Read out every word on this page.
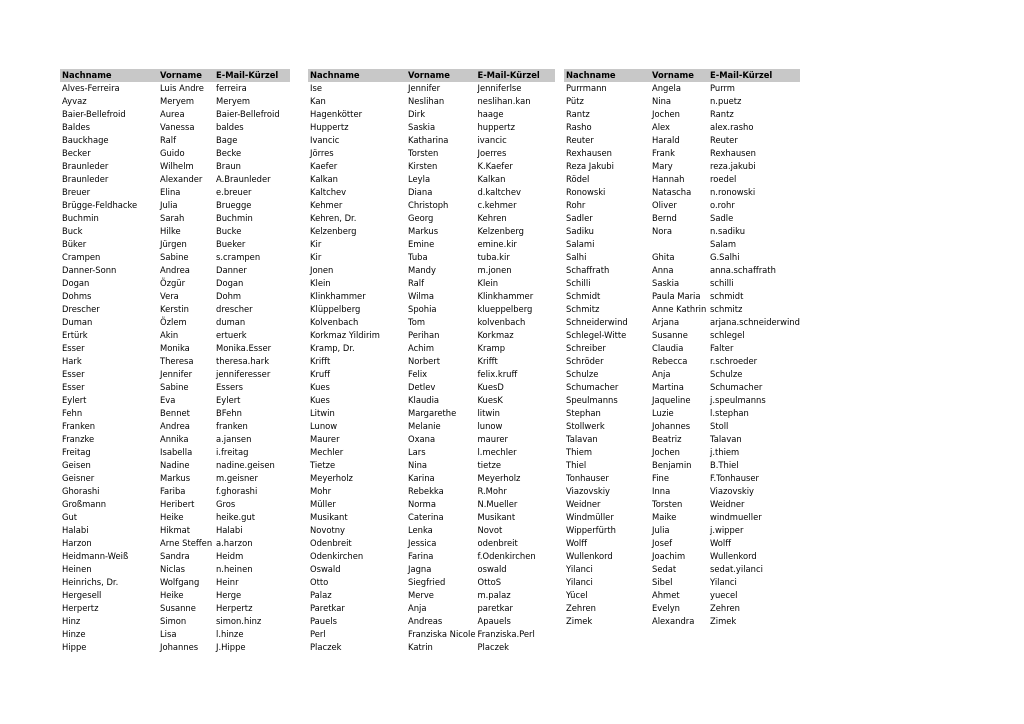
Nachname	Vorname	E-Mail-Kürzel
Alves-Ferreira	Luis Andre	ferreira
Ayvaz	Meryem	Meryem
Baier-Bellefroid	Aurea	Baier-Bellefroid
Baldes	Vanessa	baldes
Bauckhage	Ralf	Bage
Becker	Guido	Becke
Braunleder	Wilhelm	Braun
Braunleder	Alexander	A.Braunleder
Breuer	Elina	e.breuer
Brügge-Feldhacke	Julia	Bruegge
Buchmin	Sarah	Buchmin
Buck	Hilke	Bucke
Büker	Jürgen	Bueker
Crampen	Sabine	s.crampen
Danner-Sonn	Andrea	Danner
Dogan	Özgür	Dogan
Dohms	Vera	Dohm
Drescher	Kerstin	drescher
Duman	Özlem	duman
Ertürk	Akin	ertuerk
Esser	Monika	Monika.Esser
Hark	Theresa	theresa.hark
Esser	Jennifer	jenniferesser
Esser	Sabine	Essers
Eylert	Eva	Eylert
Fehn	Bennet	BFehn
Franken	Andrea	franken
Franzke	Annika	a.jansen
Freitag	Isabella	i.freitag
Geisen	Nadine	nadine.geisen
Geisner	Markus	m.geisner
Ghorashi	Fariba	f.ghorashi
Großmann	Heribert	Gros
Gut	Heike	heike.gut
Halabi	Hikmat	Halabi
Harzon	Arne Steffen	a.harzon
Heidmann-Weiß	Sandra	Heidm
Heinen	Niclas	n.heinen
Heinrichs, Dr.	Wolfgang	Heinr
Hergesell	Heike	Herge
Herpertz	Susanne	Herpertz
Hinz	Simon	simon.hinz
Hinze	Lisa	l.hinze
Hippe	Johannes	J.Hippe
Nachname	Vorname	E-Mail-Kürzel
Ise	Jennifer	Jenniferlse
Kan	Neslihan	neslihan.kan
Hagenkötter	Dirk	haage
Huppertz	Saskia	huppertz
Ivancic	Katharina	ivancic
Jörres	Torsten	Joerres
Kaefer	Kirsten	K.Kaefer
Kalkan	Leyla	Kalkan
Kaltchev	Diana	d.kaltchev
Kehmer	Christoph	c.kehmer
Kehren, Dr.	Georg	Kehren
Kelzenberg	Markus	Kelzenberg
Kir	Emine	emine.kir
Kir	Tuba	tuba.kir
Jonen	Mandy	m.jonen
Klein	Ralf	Klein
Klinkhammer	Wilma	Klinkhammer
Klüppelberg	Spohia	klueppelberg
Kolvenbach	Tom	kolvenbach
Korkmaz Yildirim	Perihan	Korkmaz
Kramp, Dr.	Achim	Kramp
Krifft	Norbert	Krifft
Kruff	Felix	felix.kruff
Kues	Detlev	KuesD
Kues	Klaudia	KuesK
Litwin	Margarethe	litwin
Lunow	Melanie	lunow
Maurer	Oxana	maurer
Mechler	Lars	l.mechler
Tietze	Nina	tietze
Meyerholz	Karina	Meyerholz
Mohr	Rebekka	R.Mohr
Müller	Norma	N.Mueller
Musikant	Caterina	Musikant
Novotny	Lenka	Novot
Odenbreit	Jessica	odenbreit
Odenkirchen	Farina	f.Odenkirchen
Oswald	Jagna	oswald
Otto	Siegfried	OttoS
Palaz	Merve	m.palaz
Paretkar	Anja	paretkar
Pauels	Andreas	Apauels
Perl	Franziska Nicole	Franziska.Perl
Placzek	Katrin	Placzek
Nachname	Vorname	E-Mail-Kürzel
Purrmann	Angela	Purrm
Pütz	Nina	n.puetz
Rantz	Jochen	Rantz
Rasho	Alex	alex.rasho
Reuter	Harald	Reuter
Rexhausen	Frank	Rexhausen
Reza Jakubi	Mary	reza.jakubi
Rödel	Hannah	roedel
Ronowski	Natascha	n.ronowski
Rohr	Oliver	o.rohr
Sadler	Bernd	Sadle
Sadiku	Nora	n.sadiku
Salami		Salam
Salhi	Ghita	G.Salhi
Schaffrath	Anna	anna.schaffrath
Schilli	Saskia	schilli
Schmidt	Paula Maria	schmidt
Schmitz	Anne Kathrin	schmitz
Schneiderwind	Arjana	arjana.schneiderwind
Schlegel-Witte	Susanne	schlegel
Schreiber	Claudia	Falter
Schröder	Rebecca	r.schroeder
Schulze	Anja	Schulze
Schumacher	Martina	Schumacher
Speulmanns	Jaqueline	j.speulmanns
Stephan	Luzie	l.stephan
Stollwerk	Johannes	Stoll
Talavan	Beatriz	Talavan
Thiem	Jochen	j.thiem
Thiel	Benjamin	B.Thiel
Tonhauser	Fine	F.Tonhauser
Viazovskiy	Inna	Viazovskiy
Weidner	Torsten	Weidner
Windmüller	Maike	windmueller
Wipperfürth	Julia	j.wipper
Wolff	Josef	Wolff
Wullenkord	Joachim	Wullenkord
Yilanci	Sedat	sedat.yilanci
Yilanci	Sibel	Yilanci
Yücel	Ahmet	yuecel
Zehren	Evelyn	Zehren
Zimek	Alexandra	Zimek
